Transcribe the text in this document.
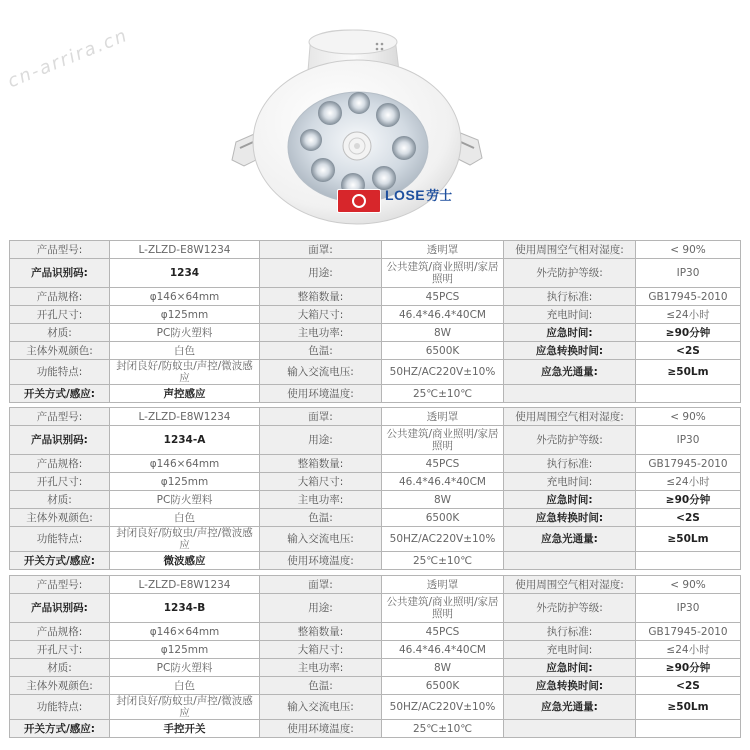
cn-arrira.cn
LOSE劳士
产品型号:	L-ZLZD-E8W1234	面罩:	透明罩	使用周围空气相对湿度:	< 90%
产品识别码:	1234	用途:	公共建筑/商业照明/家居照明	外壳防护等级:	IP30
产品规格:	φ146×64mm	整箱数量:	45PCS	执行标准:	GB17945-2010
开孔尺寸:	φ125mm	大箱尺寸:	46.4*46.4*40CM	充电时间:	≤24小时
材质:	PC防火塑料	主电功率:	8W	应急时间:	≥90分钟
主体外观颜色:	白色	色温:	6500K	应急转换时间:	<2S
功能特点:	封闭良好/防蚊虫/声控/微波感应	输入交流电压:	50HZ/AC220V±10%	应急光通量:	≥50Lm
开关方式/感应:	声控感应	使用环境温度:	25℃±10℃		
产品型号:	L-ZLZD-E8W1234	面罩:	透明罩	使用周围空气相对湿度:	< 90%
产品识别码:	1234-A	用途:	公共建筑/商业照明/家居照明	外壳防护等级:	IP30
产品规格:	φ146×64mm	整箱数量:	45PCS	执行标准:	GB17945-2010
开孔尺寸:	φ125mm	大箱尺寸:	46.4*46.4*40CM	充电时间:	≤24小时
材质:	PC防火塑料	主电功率:	8W	应急时间:	≥90分钟
主体外观颜色:	白色	色温:	6500K	应急转换时间:	<2S
功能特点:	封闭良好/防蚊虫/声控/微波感应	输入交流电压:	50HZ/AC220V±10%	应急光通量:	≥50Lm
开关方式/感应:	微波感应	使用环境温度:	25℃±10℃		
产品型号:	L-ZLZD-E8W1234	面罩:	透明罩	使用周围空气相对湿度:	< 90%
产品识别码:	1234-B	用途:	公共建筑/商业照明/家居照明	外壳防护等级:	IP30
产品规格:	φ146×64mm	整箱数量:	45PCS	执行标准:	GB17945-2010
开孔尺寸:	φ125mm	大箱尺寸:	46.4*46.4*40CM	充电时间:	≤24小时
材质:	PC防火塑料	主电功率:	8W	应急时间:	≥90分钟
主体外观颜色:	白色	色温:	6500K	应急转换时间:	<2S
功能特点:	封闭良好/防蚊虫/声控/微波感应	输入交流电压:	50HZ/AC220V±10%	应急光通量:	≥50Lm
开关方式/感应:	手控开关	使用环境温度:	25℃±10℃		
